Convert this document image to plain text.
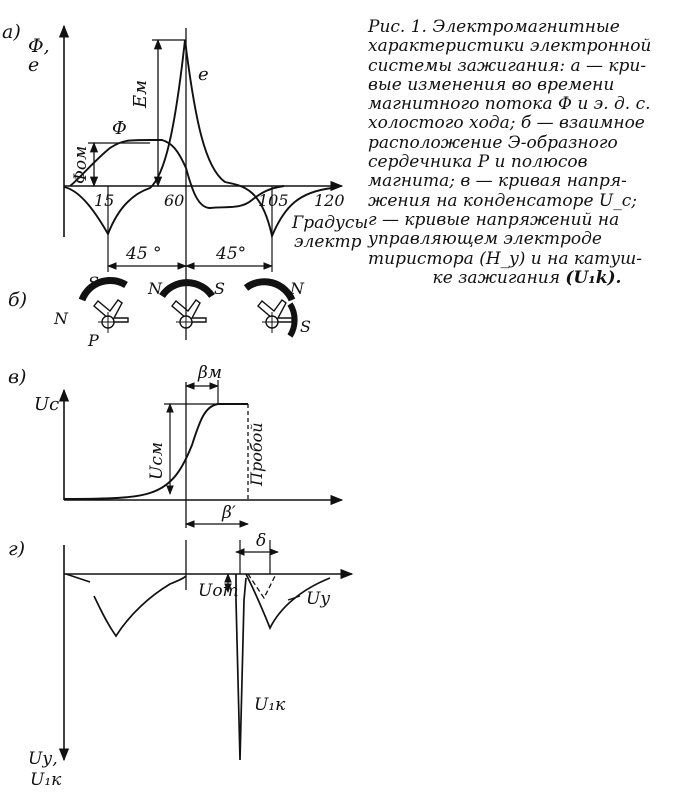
а)
Φ,
e
Φ
e
Eм
Φом
15	60	105 120
Градусы
электр
45 °	45°
б)
N
S
P
N	S	N
S
в)
Uc
Uсм
βм
β′
Пробой
г)	δ
Uот	Uу
U₁к
Uу,
U₁к
Рис. 1. Электромагнитные
характеристики электронной
системы зажигания: а — кри-
вые изменения во времени
магнитного потока Φ и э. д. с.
холостого хода; б — взаимное
расположение Э-образного
сердечника Р и полюсов
магнита; в — кривая напря-
жения на конденсаторе U_c;
г — кривые напряжений на
управляющем электроде
тиристора (H_y) и на катуш-
ке зажигания (U₁k).
